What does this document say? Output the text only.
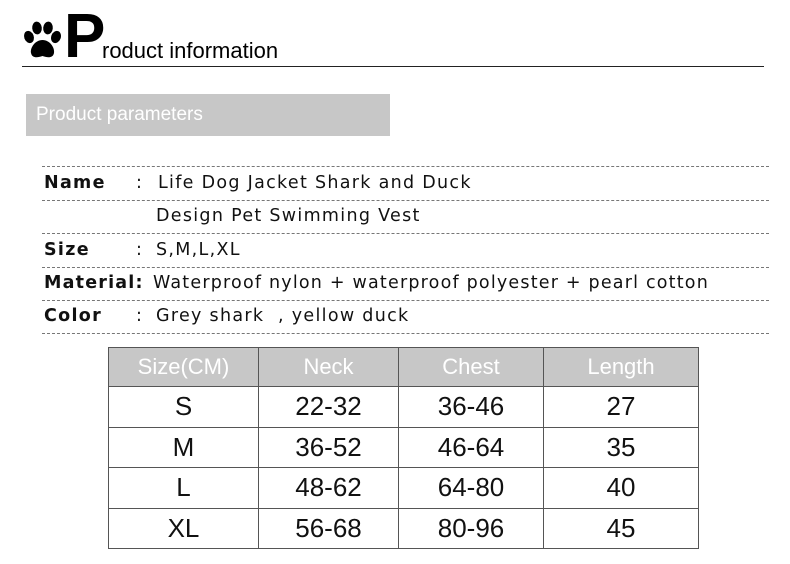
P
roduct information
Product parameters
Name : Life Dog Jacket Shark and Duck
Design Pet Swimming Vest
Size	: S,M,L,XL
Material: Waterproof nylon + waterproof polyester + pearl cotton
Color : Grey shark  , yellow duck
Size(CM)	Neck	Chest	Length
S	22-32	36-46	27
M	36-52	46-64	35
L	48-62	64-80	40
XL	56-68	80-96	45
